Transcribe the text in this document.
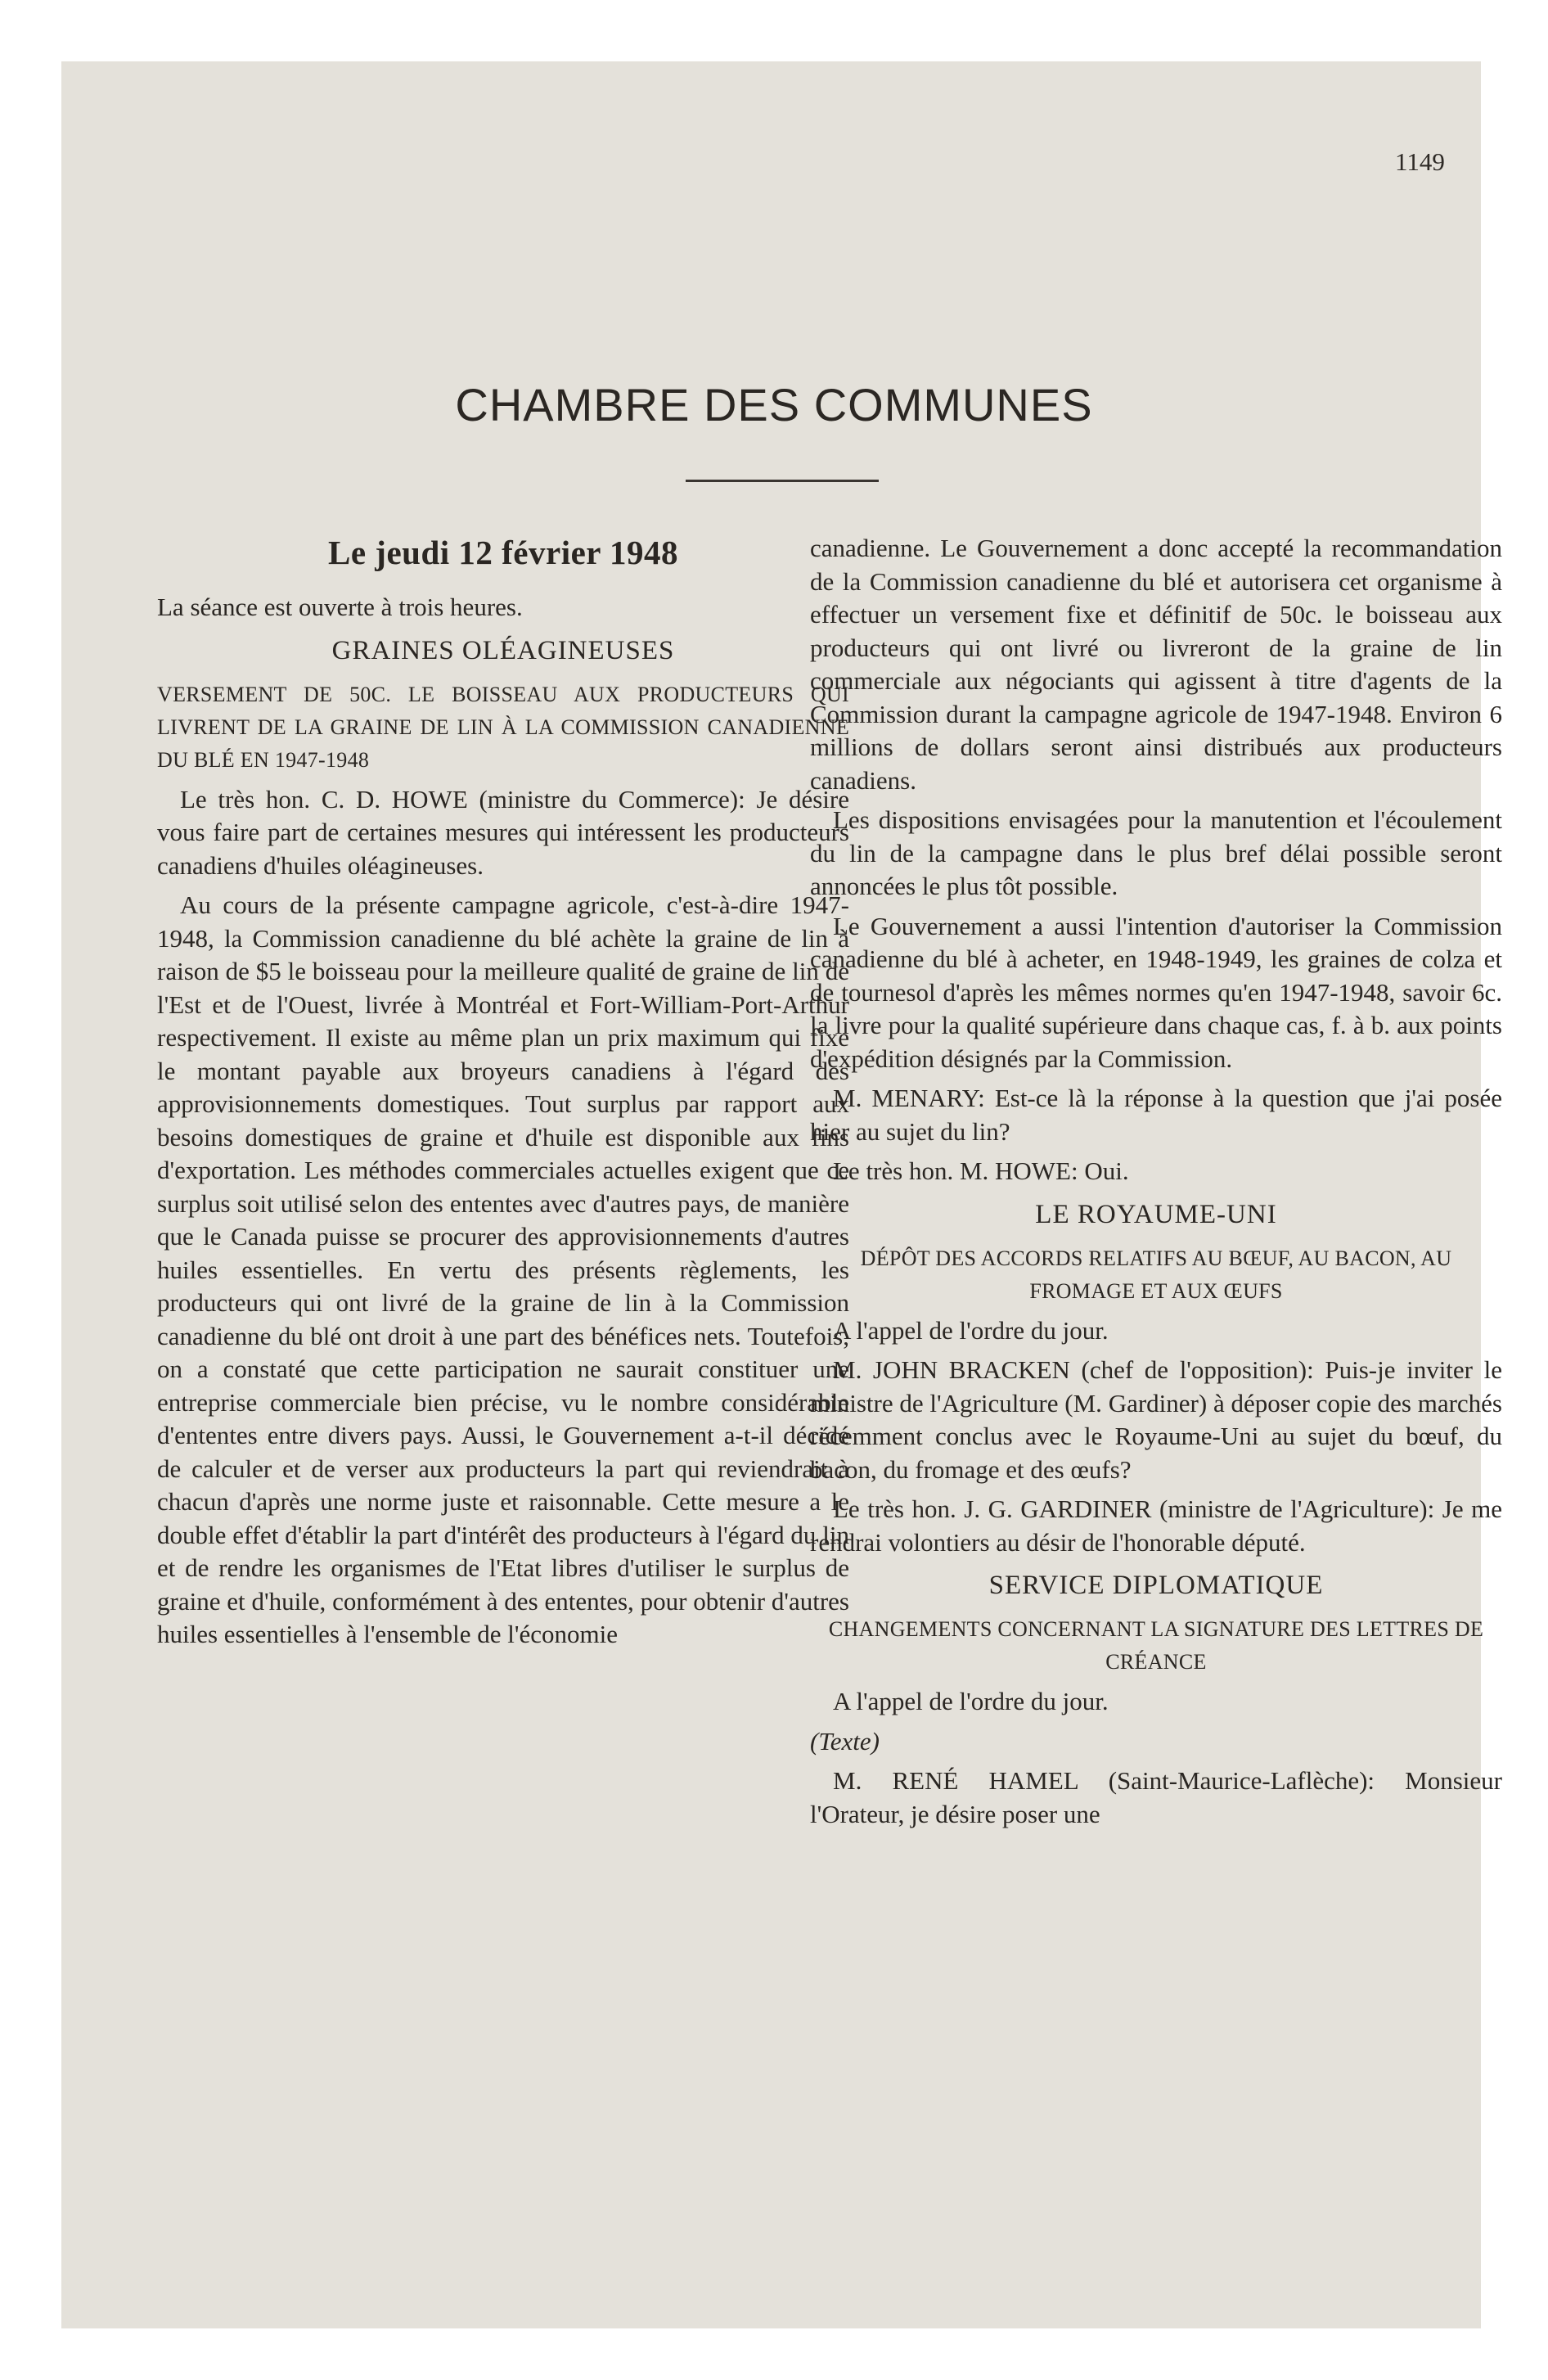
1149
CHAMBRE DES COMMUNES
Le jeudi 12 février 1948

La séance est ouverte à trois heures.

GRAINES OLÉAGINEUSES
VERSEMENT DE 50C. LE BOISSEAU AUX PRODUCTEURS QUI LIVRENT DE LA GRAINE DE LIN À LA COMMISSION CANADIENNE DU BLÉ EN 1947-1948

Le très hon. C. D. HOWE (ministre du Commerce): Je désire vous faire part de certaines mesures qui intéressent les producteurs canadiens d'huiles oléagineuses.

Au cours de la présente campagne agricole, c'est-à-dire 1947-1948, la Commission canadienne du blé achète la graine de lin à raison de $5 le boisseau pour la meilleure qualité de graine de lin de l'Est et de l'Ouest, livrée à Montréal et Fort-William-Port-Arthur respectivement. Il existe au même plan un prix maximum qui fixe le montant payable aux broyeurs canadiens à l'égard des approvisionnements domestiques. Tout surplus par rapport aux besoins domestiques de graine et d'huile est disponible aux fins d'exportation. Les méthodes commerciales actuelles exigent que ce surplus soit utilisé selon des ententes avec d'autres pays, de manière que le Canada puisse se procurer des approvisionnements d'autres huiles essentielles. En vertu des présents règlements, les producteurs qui ont livré de la graine de lin à la Commission canadienne du blé ont droit à une part des bénéfices nets. Toutefois, on a constaté que cette participation ne saurait constituer une entreprise commerciale bien précise, vu le nombre considérable d'ententes entre divers pays. Aussi, le Gouvernement a-t-il décidé de calculer et de verser aux producteurs la part qui reviendrait à chacun d'après une norme juste et raisonnable. Cette mesure a le double effet d'établir la part d'intérêt des producteurs à l'égard du lin et de rendre les organismes de l'Etat libres d'utiliser le surplus de graine et d'huile, conformément à des ententes, pour obtenir d'autres huiles essentielles à l'ensemble de l'économie

canadienne. Le Gouvernement a donc accepté la recommandation de la Commission canadienne du blé et autorisera cet organisme à effectuer un versement fixe et définitif de 50c. le boisseau aux producteurs qui ont livré ou livreront de la graine de lin commerciale aux négociants qui agissent à titre d'agents de la Commission durant la campagne agricole de 1947-1948. Environ 6 millions de dollars seront ainsi distribués aux producteurs canadiens.

Les dispositions envisagées pour la manutention et l'écoulement du lin de la campagne dans le plus bref délai possible seront annoncées le plus tôt possible.

Le Gouvernement a aussi l'intention d'autoriser la Commission canadienne du blé à acheter, en 1948-1949, les graines de colza et de tournesol d'après les mêmes normes qu'en 1947-1948, savoir 6c. la livre pour la qualité supérieure dans chaque cas, f. à b. aux points d'expédition désignés par la Commission.

M. MENARY: Est-ce là la réponse à la question que j'ai posée hier au sujet du lin?

Le très hon. M. HOWE: Oui.

LE ROYAUME-UNI
DÉPÔT DES ACCORDS RELATIFS AU BŒUF, AU BACON, AU FROMAGE ET AUX ŒUFS

A l'appel de l'ordre du jour.

M. JOHN BRACKEN (chef de l'opposition): Puis-je inviter le ministre de l'Agriculture (M. Gardiner) à déposer copie des marchés récemment conclus avec le Royaume-Uni au sujet du bœuf, du bacon, du fromage et des œufs?

Le très hon. J. G. GARDINER (ministre de l'Agriculture): Je me rendrai volontiers au désir de l'honorable député.

SERVICE DIPLOMATIQUE
CHANGEMENTS CONCERNANT LA SIGNATURE DES LETTRES DE CRÉANCE

A l'appel de l'ordre du jour.

(Texte)

M. RENÉ HAMEL (Saint-Maurice-Laflèche): Monsieur l'Orateur, je désire poser une
